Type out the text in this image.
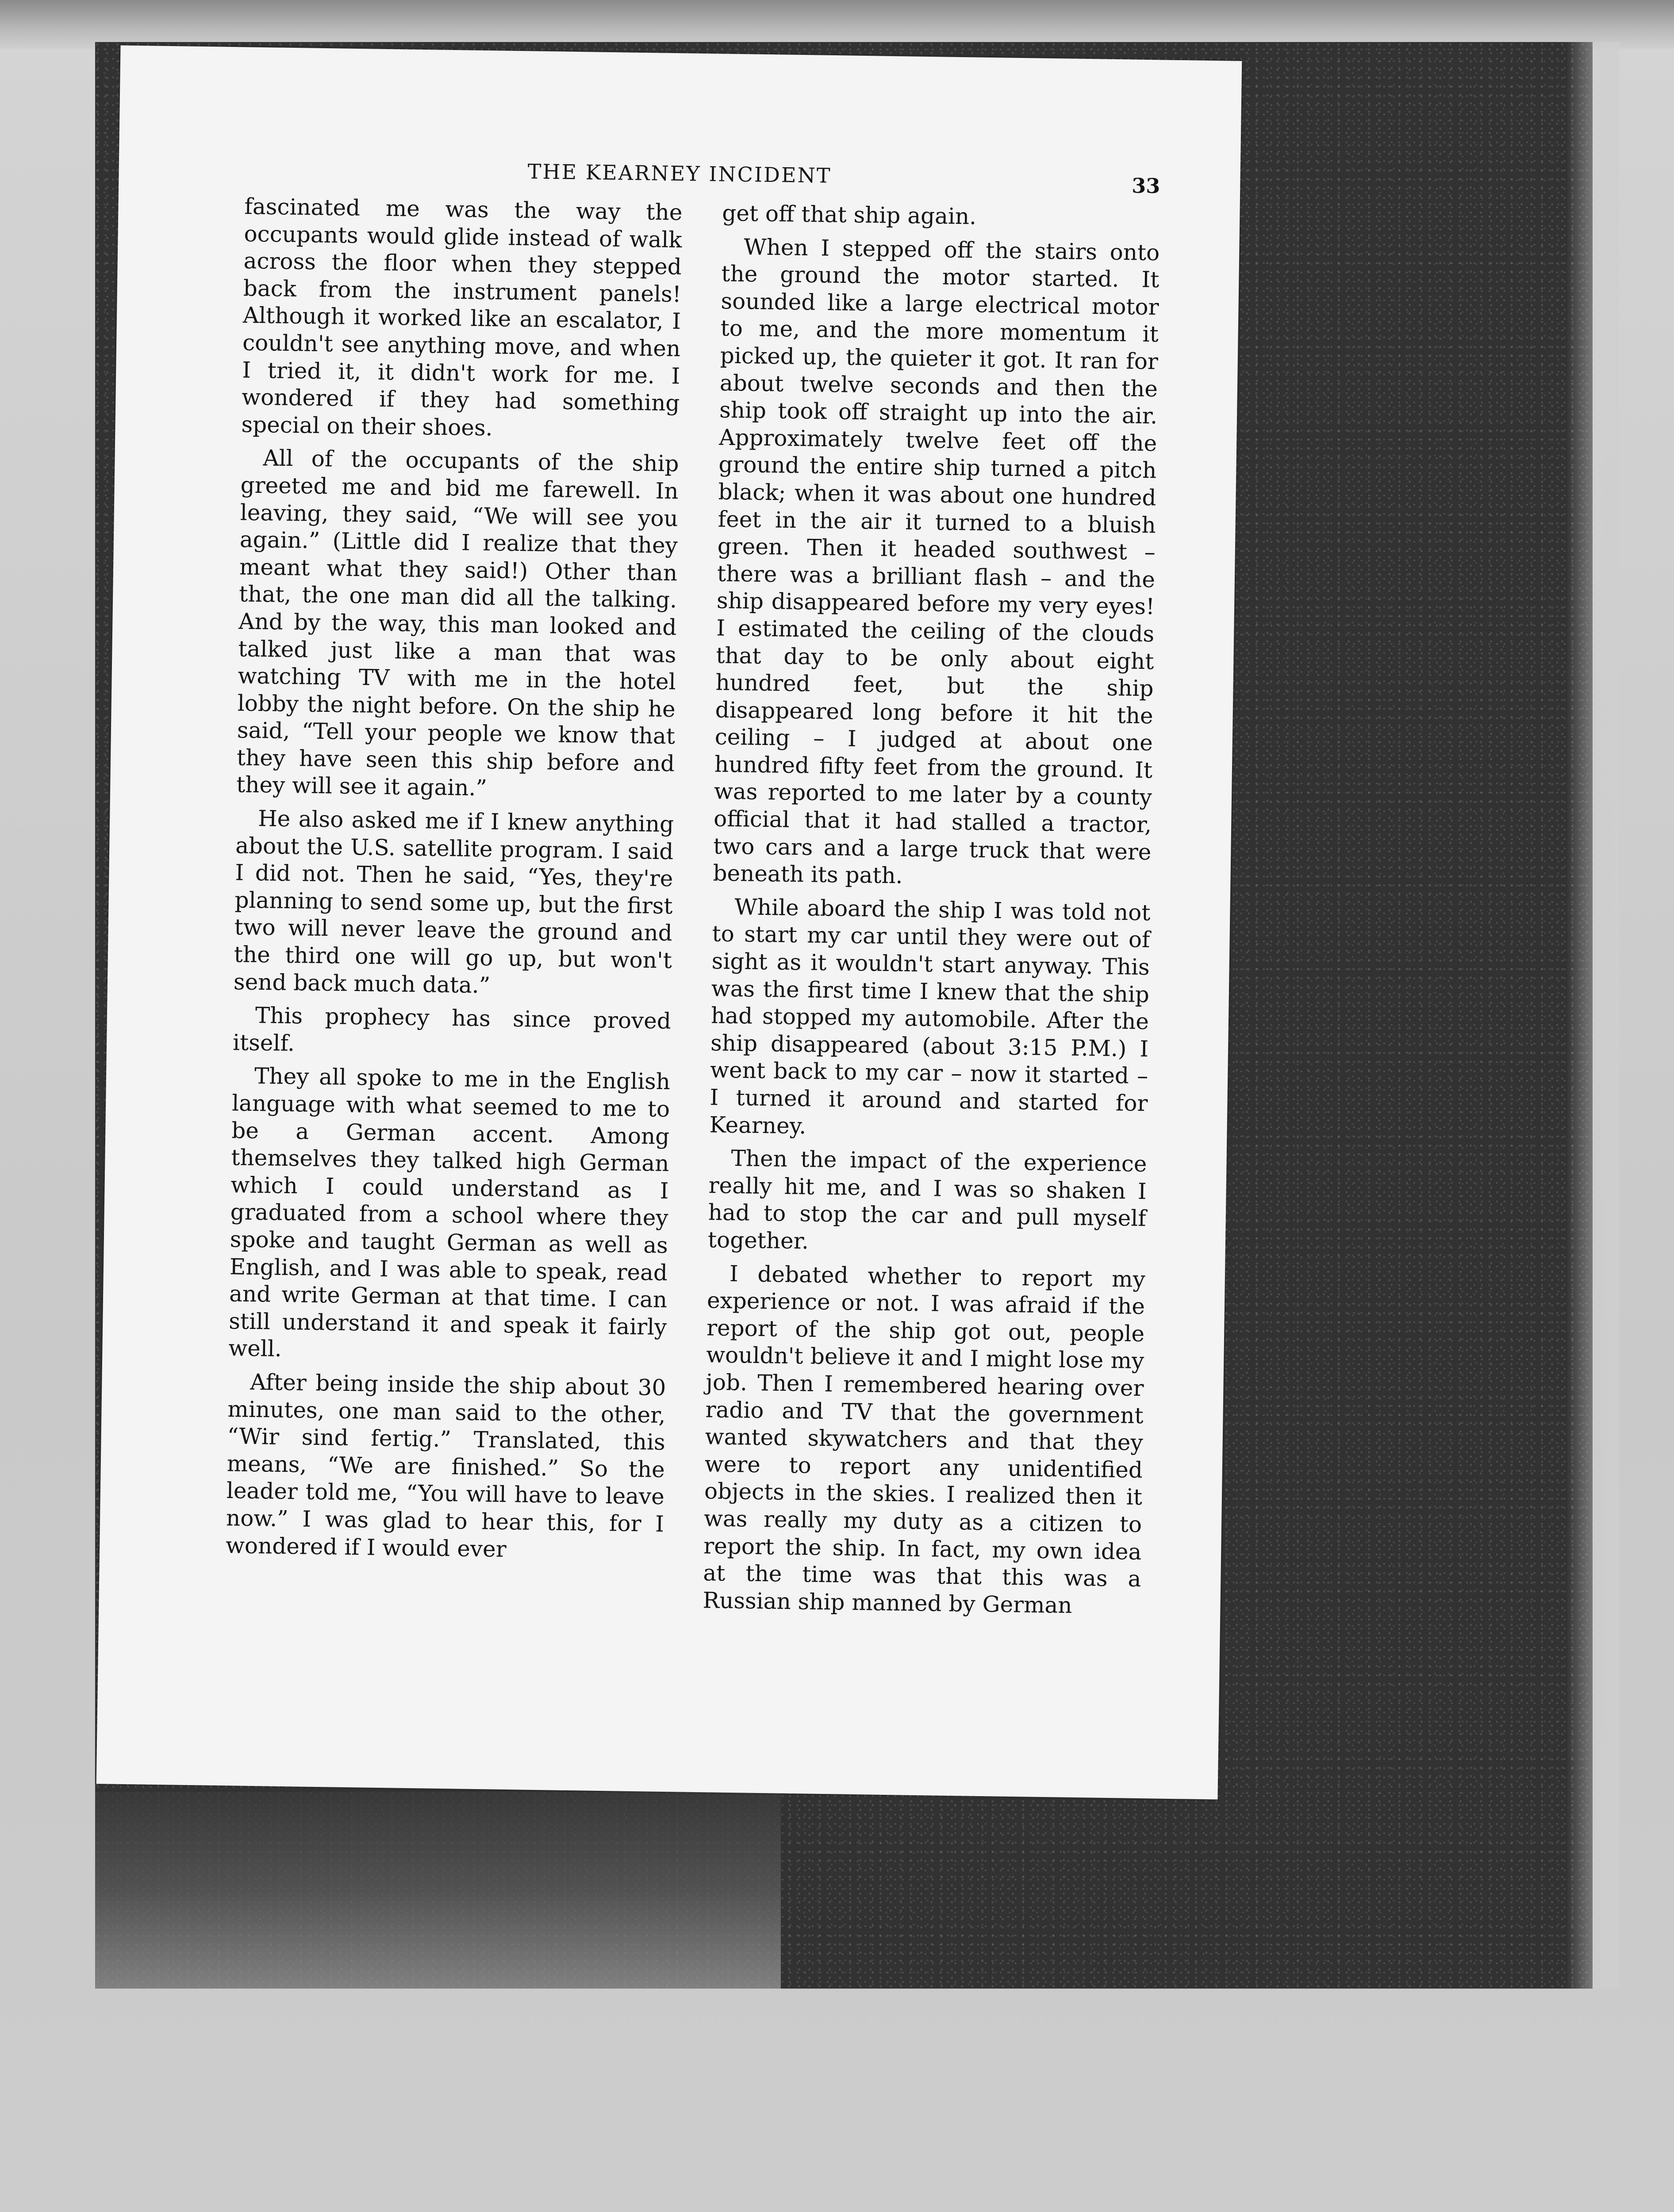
THE KEARNEY INCIDENT	33

fascinated me was the way the occupants would glide instead of walk across the floor when they stepped back from the instrument panels! Although it worked like an escalator, I couldn't see anything move, and when I tried it, it didn't work for me. I wondered if they had something special on their shoes.

All of the occupants of the ship greeted me and bid me farewell. In leaving, they said, “We will see you again.” (Little did I realize that they meant what they said!) Other than that, the one man did all the talking. And by the way, this man looked and talked just like a man that was watching TV with me in the hotel lobby the night before. On the ship he said, “Tell your people we know that they have seen this ship before and they will see it again.”

He also asked me if I knew anything about the U.S. satellite program. I said I did not. Then he said, “Yes, they're planning to send some up, but the first two will never leave the ground and the third one will go up, but won't send back much data.”

This prophecy has since proved itself.

They all spoke to me in the English language with what seemed to me to be a German accent. Among themselves they talked high German which I could understand as I graduated from a school where they spoke and taught German as well as English, and I was able to speak, read and write German at that time. I can still understand it and speak it fairly well.

After being inside the ship about 30 minutes, one man said to the other, “Wir sind fertig.” Translated, this means, “We are finished.” So the leader told me, “You will have to leave now.” I was glad to hear this, for I wondered if I would ever

get off that ship again.

When I stepped off the stairs onto the ground the motor started. It sounded like a large electrical motor to me, and the more momentum it picked up, the quieter it got. It ran for about twelve seconds and then the ship took off straight up into the air. Approximately twelve feet off the ground the entire ship turned a pitch black; when it was about one hundred feet in the air it turned to a bluish green. Then it headed southwest – there was a brilliant flash – and the ship disappeared before my very eyes! I estimated the ceiling of the clouds that day to be only about eight hundred feet, but the ship disappeared long before it hit the ceiling – I judged at about one hundred fifty feet from the ground. It was reported to me later by a county official that it had stalled a tractor, two cars and a large truck that were beneath its path.

While aboard the ship I was told not to start my car until they were out of sight as it wouldn't start anyway. This was the first time I knew that the ship had stopped my automobile. After the ship disappeared (about 3:15 P.M.) I went back to my car – now it started – I turned it around and started for Kearney.

Then the impact of the experience really hit me, and I was so shaken I had to stop the car and pull myself together.

I debated whether to report my experience or not. I was afraid if the report of the ship got out, people wouldn't believe it and I might lose my job. Then I remembered hearing over radio and TV that the government wanted skywatchers and that they were to report any unidentified objects in the skies. I realized then it was really my duty as a citizen to report the ship. In fact, my own idea at the time was that this was a Russian ship manned by German
